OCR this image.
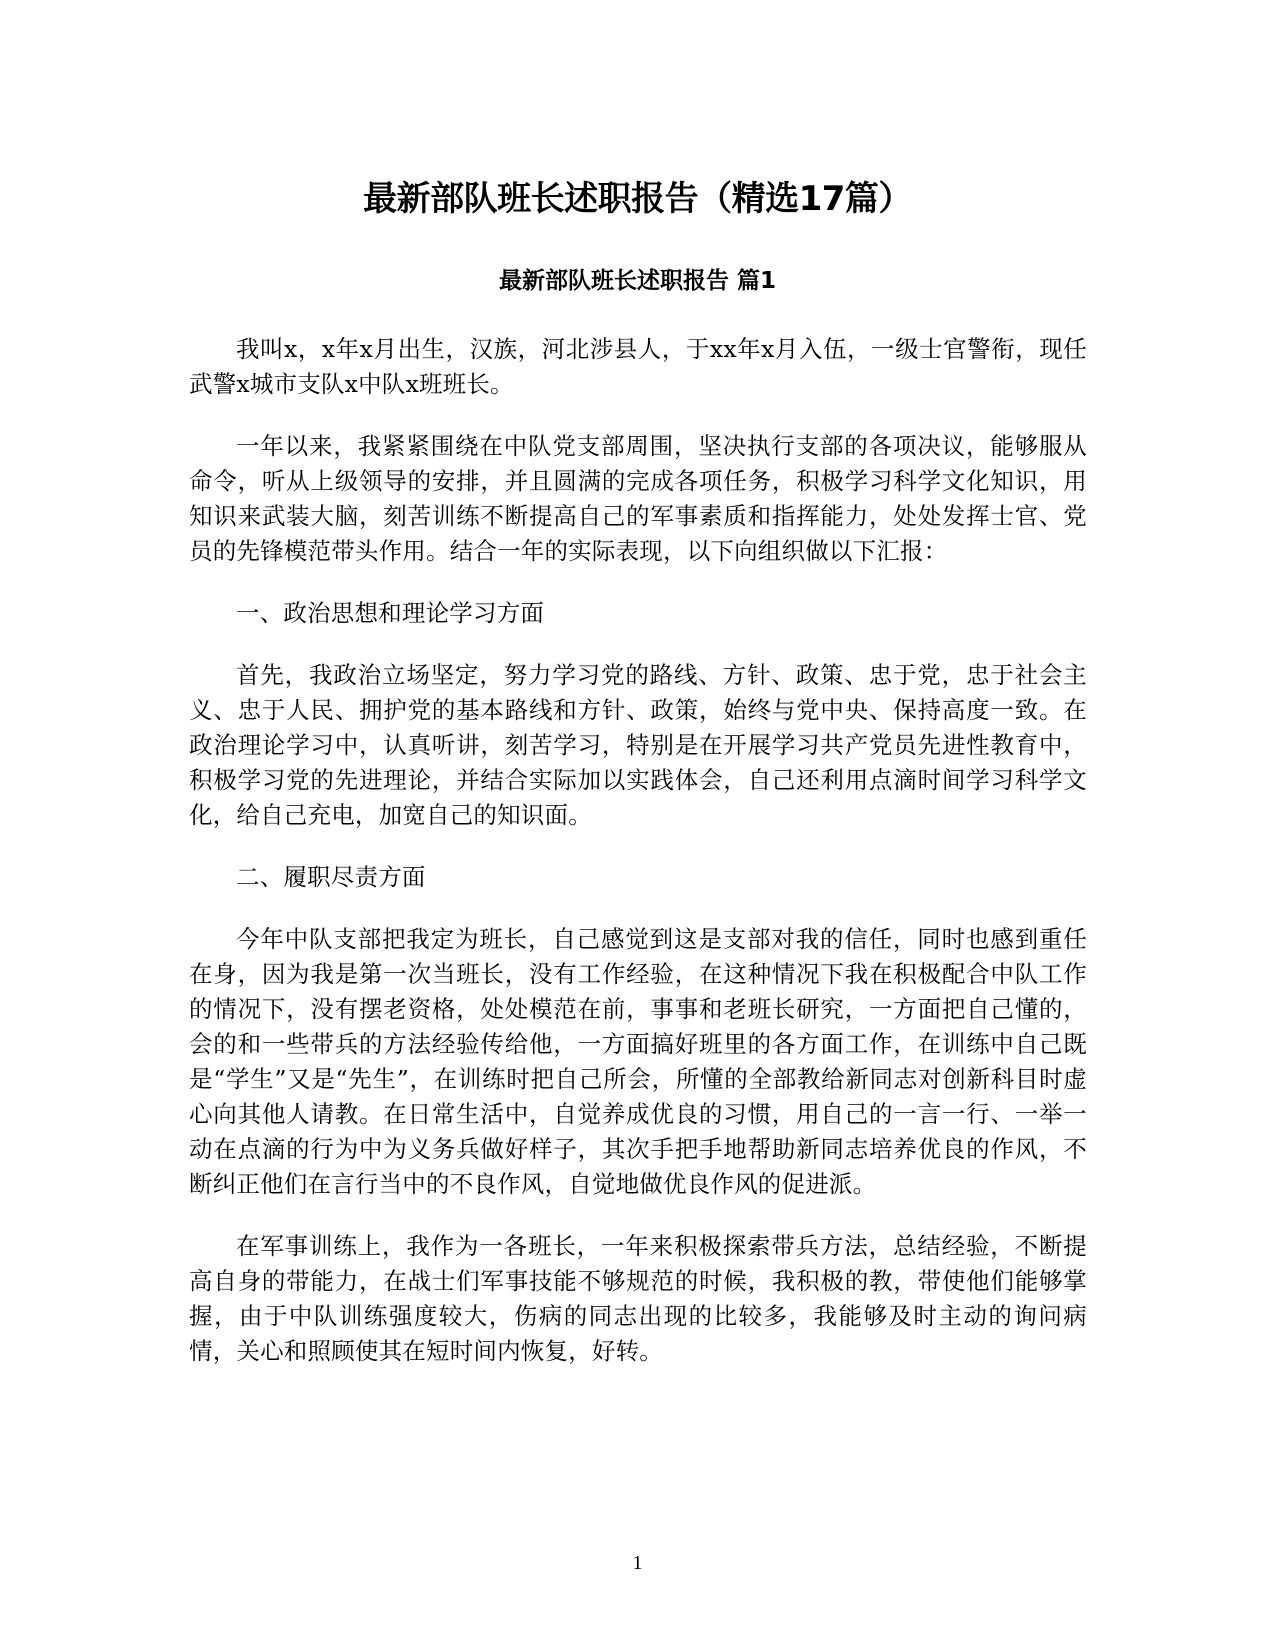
最新部队班长述职报告（精选17篇）
最新部队班长述职报告 篇1

我叫x，x年x月出生，汉族，河北涉县人，于xx年x月入伍，一级士官警衔，现任武警x城市支队x中队x班班长。

一年以来，我紧紧围绕在中队党支部周围，坚决执行支部的各项决议，能够服从命令，听从上级领导的安排，并且圆满的完成各项任务，积极学习科学文化知识，用知识来武装大脑，刻苦训练不断提高自己的军事素质和指挥能力，处处发挥士官、党员的先锋模范带头作用。结合一年的实际表现，以下向组织做以下汇报：

一、政治思想和理论学习方面

首先，我政治立场坚定，努力学习党的路线、方针、政策、忠于党，忠于社会主义、忠于人民、拥护党的基本路线和方针、政策，始终与党中央、保持高度一致。在政治理论学习中，认真听讲，刻苦学习，特别是在开展学习共产党员先进性教育中，积极学习党的先进理论，并结合实际加以实践体会，自己还利用点滴时间学习科学文化，给自己充电，加宽自己的知识面。

二、履职尽责方面

今年中队支部把我定为班长，自己感觉到这是支部对我的信任，同时也感到重任在身，因为我是第一次当班长，没有工作经验，在这种情况下我在积极配合中队工作的情况下，没有摆老资格，处处模范在前，事事和老班长研究，一方面把自己懂的，会的和一些带兵的方法经验传给他，一方面搞好班里的各方面工作，在训练中自己既是“学生”又是“先生”，在训练时把自己所会，所懂的全部教给新同志对创新科目时虚心向其他人请教。在日常生活中，自觉养成优良的习惯，用自己的一言一行、一举一动在点滴的行为中为义务兵做好样子，其次手把手地帮助新同志培养优良的作风，不断纠正他们在言行当中的不良作风，自觉地做优良作风的促进派。

在军事训练上，我作为一各班长，一年来积极探索带兵方法，总结经验，不断提高自身的带能力，在战士们军事技能不够规范的时候，我积极的教，带使他们能够掌握，由于中队训练强度较大，伤病的同志出现的比较多，我能够及时主动的询问病情，关心和照顾使其在短时间内恢复，好转。

1
